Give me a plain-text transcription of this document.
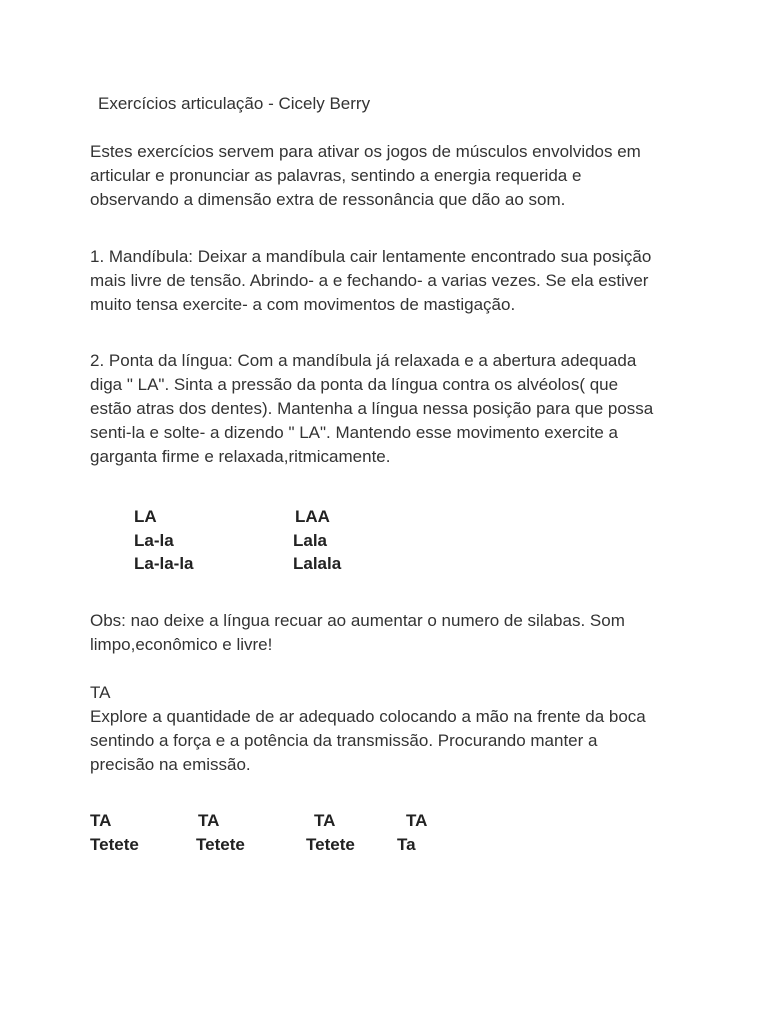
Exercícios articulação - Cicely Berry

Estes exercícios servem para ativar os jogos de músculos envolvidos em
articular e pronunciar as palavras, sentindo a energia requerida e
observando a dimensão extra de ressonância que dão ao som.

1. Mandíbula: Deixar a mandíbula cair lentamente encontrado sua posição
mais livre de tensão. Abrindo- a e fechando- a varias vezes. Se ela estiver
muito tensa exercite- a com movimentos de mastigação.

2. Ponta da língua: Com a mandíbula já relaxada e a abertura adequada
diga " LA". Sinta a pressão da ponta da língua contra os alvéolos( que
estão atras dos dentes). Mantenha a língua nessa posição para que possa
senti-la e solte- a dizendo " LA". Mantendo esse movimento exercite a
garganta firme e relaxada,ritmicamente.

LA	LAA

La-la	Lala

La-la-la	Lalala

Obs: nao deixe a língua recuar ao aumentar o numero de silabas. Som
limpo,econômico e livre!

TA
Explore a quantidade de ar adequado colocando a mão na frente da boca
sentindo a força e a potência da transmissão. Procurando manter a
precisão na emissão.

TA	TA	TA	TA

Tetete	Tetete	Tetete Ta
